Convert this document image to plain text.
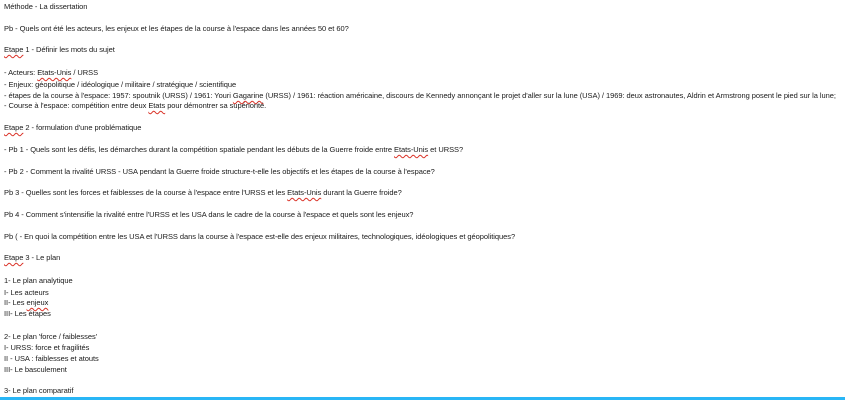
Méthode - La dissertation
Pb - Quels ont été les acteurs, les enjeux et les étapes de la course à l'espace dans les années 50 et 60?
Etape 1 - Définir les mots du sujet
- Acteurs: Etats-Unis / URSS
- Enjeux: géopolitique / idéologique / militaire / stratégique / scientifique
- étapes de la course à l'espace: 1957: spoutnik (URSS) / 1961: Youri Gagarine (URSS) / 1961: réaction américaine, discours de Kennedy annonçant le projet d'aller sur la lune (USA) / 1969: deux astronautes, Aldrin et Armstrong posent le pied sur la lune;
- Course à l'espace: compétition entre deux Etats pour démontrer sa supériorité.
Etape 2 - formulation d'une problématique
- Pb 1 - Quels sont les défis, les démarches durant la compétition spatiale pendant les débuts de la Guerre froide entre Etats-Unis et URSS?
- Pb 2 - Comment la rivalité URSS - USA pendant la Guerre froide structure-t-elle les objectifs et les étapes de la course à l'espace?
Pb 3 - Quelles sont les forces et faiblesses de la course à l'espace entre l'URSS et les Etats-Unis durant la Guerre froide?
Pb 4 - Comment s'intensifie la rivalité entre l'URSS et les USA dans le cadre de la course à l'espace et quels sont les enjeux?
Pb ( - En quoi la compétition entre les USA et l'URSS dans la course à l'espace est-elle des enjeux militaires, technologiques, idéologiques et géopolitiques?
Etape 3 - Le plan
1- Le plan analytique
I- Les acteurs
II- Les enjeux
III- Les étapes
2- Le plan 'force / faiblesses'
I- URSS: force et fragilités
II - USA : faiblesses et atouts
III- Le basculement
3- Le plan comparatif
